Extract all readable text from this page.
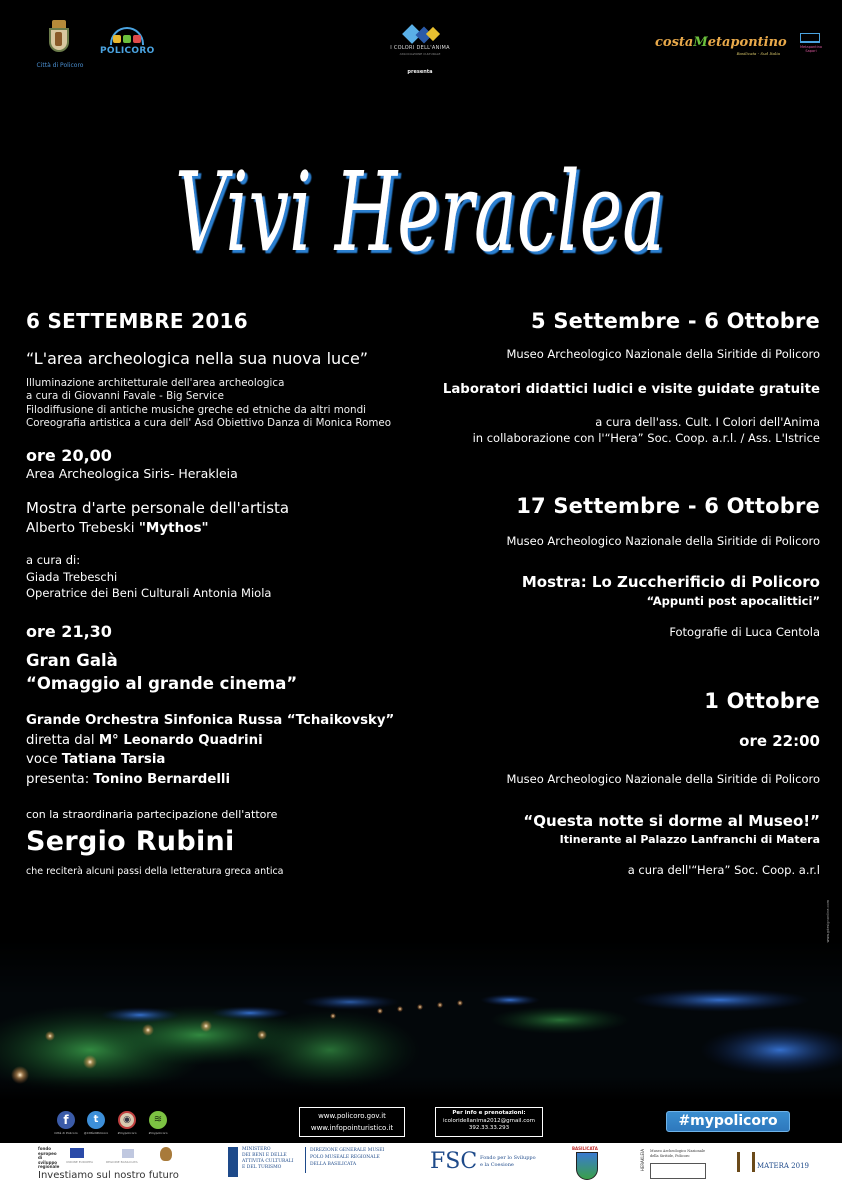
Città di Policoro
POLICORO	I COLORI DELL'ANIMA
ASSOCIAZIONE CULTURALE
presenta
costaMetapontino
Basilicata - Sud Italia
Metapontino Sapori
Vivi Heraclea
6 SETTEMBRE 2016
“L'area archeologica nella sua nuova luce”
Illuminazione architetturale dell'area archeologica
a cura di Giovanni Favale - Big Service
Filodiffusione di antiche musiche greche ed etniche da altri mondi
Coreografia artistica a cura dell' Asd Obiettivo Danza di Monica Romeo
ore 20,00
Area Archeologica Siris- Herakleia
Mostra d'arte personale dell'artista
Alberto Trebeski "Mythos"
a cura di:
Giada Trebeschi
Operatrice dei Beni Culturali Antonia Miola
ore 21,30
Gran Galà
“Omaggio al grande cinema”
Grande Orchestra Sinfonica Russa “Tchaikovsky”
diretta dal M° Leonardo Quadrini
voce Tatiana Tarsia
presenta: Tonino Bernardelli
con la straordinaria partecipazione dell'attore
Sergio Rubini
che reciterà alcuni passi della letteratura greca antica
5 Settembre - 6 Ottobre
Museo Archeologico Nazionale della Siritide di Policoro
Laboratori didattici ludici e visite guidate gratuite
a cura dell'ass. Cult. I Colori dell'Anima
in collaborazione con l'“Hera” Soc. Coop. a.r.l. / Ass. L'Istrice
17 Settembre - 6 Ottobre
Museo Archeologico Nazionale della Siritide di Policoro
Mostra: Lo Zuccherificio di Policoro
“Appunti post apocalittici”
Fotografie di Luca Centola
1 Ottobre
ore 22:00
Museo Archeologico Nazionale della Siritide di Policoro
“Questa notte si dorme al Museo!”
Itinerante al Palazzo Lanfranchi di Matera
a cura dell'“Hera” Soc. Coop. a.r.l
www.gdesignonline.com
f
Città di Policoro
t
@CittàdiPolicoro
◉
#mypolicoro
≋
#mypolicoro
www.policoro.gov.it
www.infopointuristico.it
Per info e prenotazioni:
icoloridellanima2012@gmail.com
392.33.33.293	#mypolicoro
fondo europeo di sviluppo regionale
UNIONE EUROPEA	REGIONE BASILICATA
Investiamo sul nostro futuro
MINISTERO
DEI BENI E DELLE
ATTIVITÀ CULTURALI
E DEL TURISMO
DIREZIONE GENERALE MUSEI
POLO MUSEALE REGIONALE
DELLA BASILICATA	FSC Fondo per lo Sviluppo
e la Coesione
BASILICATA
HERAKLEIA Museo Archeologico Nazionale
della Siritide, Policoro
MATERA 2019
